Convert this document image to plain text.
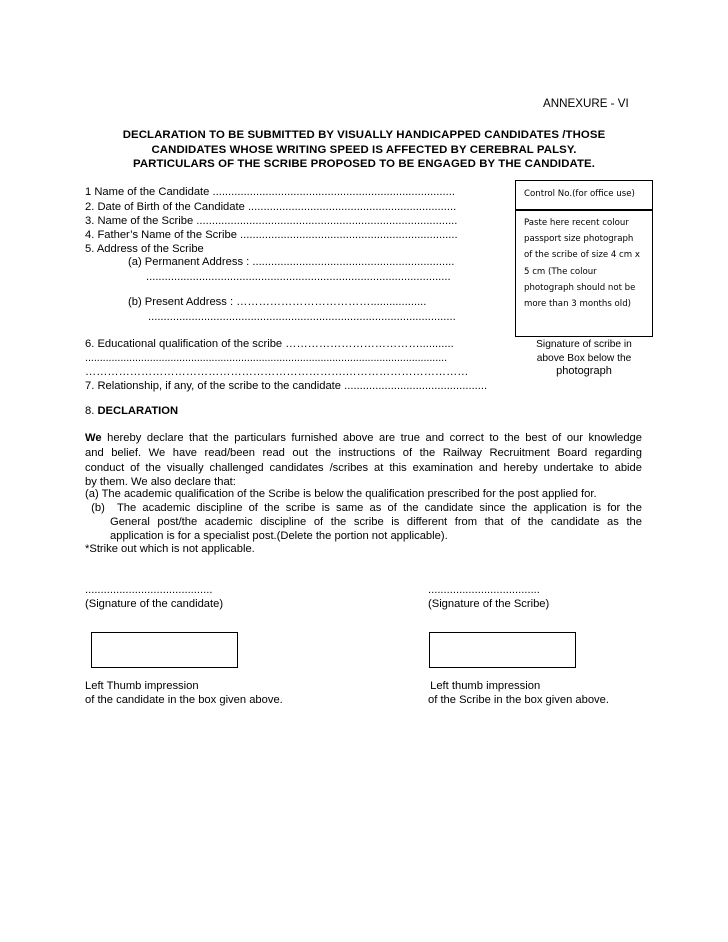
ANNEXURE - VI
DECLARATION TO BE SUBMITTED BY VISUALLY HANDICAPPED CANDIDATES /THOSE
CANDIDATES WHOSE WRITING SPEED IS AFFECTED BY CEREBRAL PALSY.
PARTICULARS OF THE SCRIBE PROPOSED TO BE ENGAGED BY THE CANDIDATE.
1 Name of the Candidate ..............................................................................
2. Date of Birth of the Candidate ...................................................................
3. Name of the Scribe ....................................................................................
4. Father’s Name of the Scribe ......................................................................
5. Address of the Scribe
(a) Permanent Address : .................................................................
..................................................................................................
(b) Present Address : ………………………………..................
...................................................................................................
6. Educational qualification of the scribe ………………………………...........
...........................................................................................................................
…………………………………………………………….……………………………
7. Relationship, if any, of the scribe to the candidate ..............................................
Control No.(for office use)
Paste here recent colour
passport size photograph
of the scribe of size 4 cm x
5 cm (The colour
photograph should not be
more than 3 months old)
Signature of scribe in
above Box below the
photograph
8. DECLARATION
We hereby declare that the particulars furnished above are true and correct to the best of our knowledge
and belief. We have read/been read out the instructions of the Railway Recruitment Board regarding
conduct of the visually challenged candidates /scribes at this examination and hereby undertake to abide
by them. We also declare that:
(a) The academic qualification of the Scribe is below the qualification prescribed for the post applied for.
(b)  The academic discipline of the scribe is same as of the candidate since the application is for the
General post/the academic discipline of the scribe is different from that of the candidate as the
application is for a specialist post.(Delete the portion not applicable).
*Strike out which is not applicable.
.........................................
(Signature of the candidate)
....................................
(Signature of the Scribe)
Left Thumb impression
of the candidate in the box given above.
Left thumb impression
of the Scribe in the box given above.
